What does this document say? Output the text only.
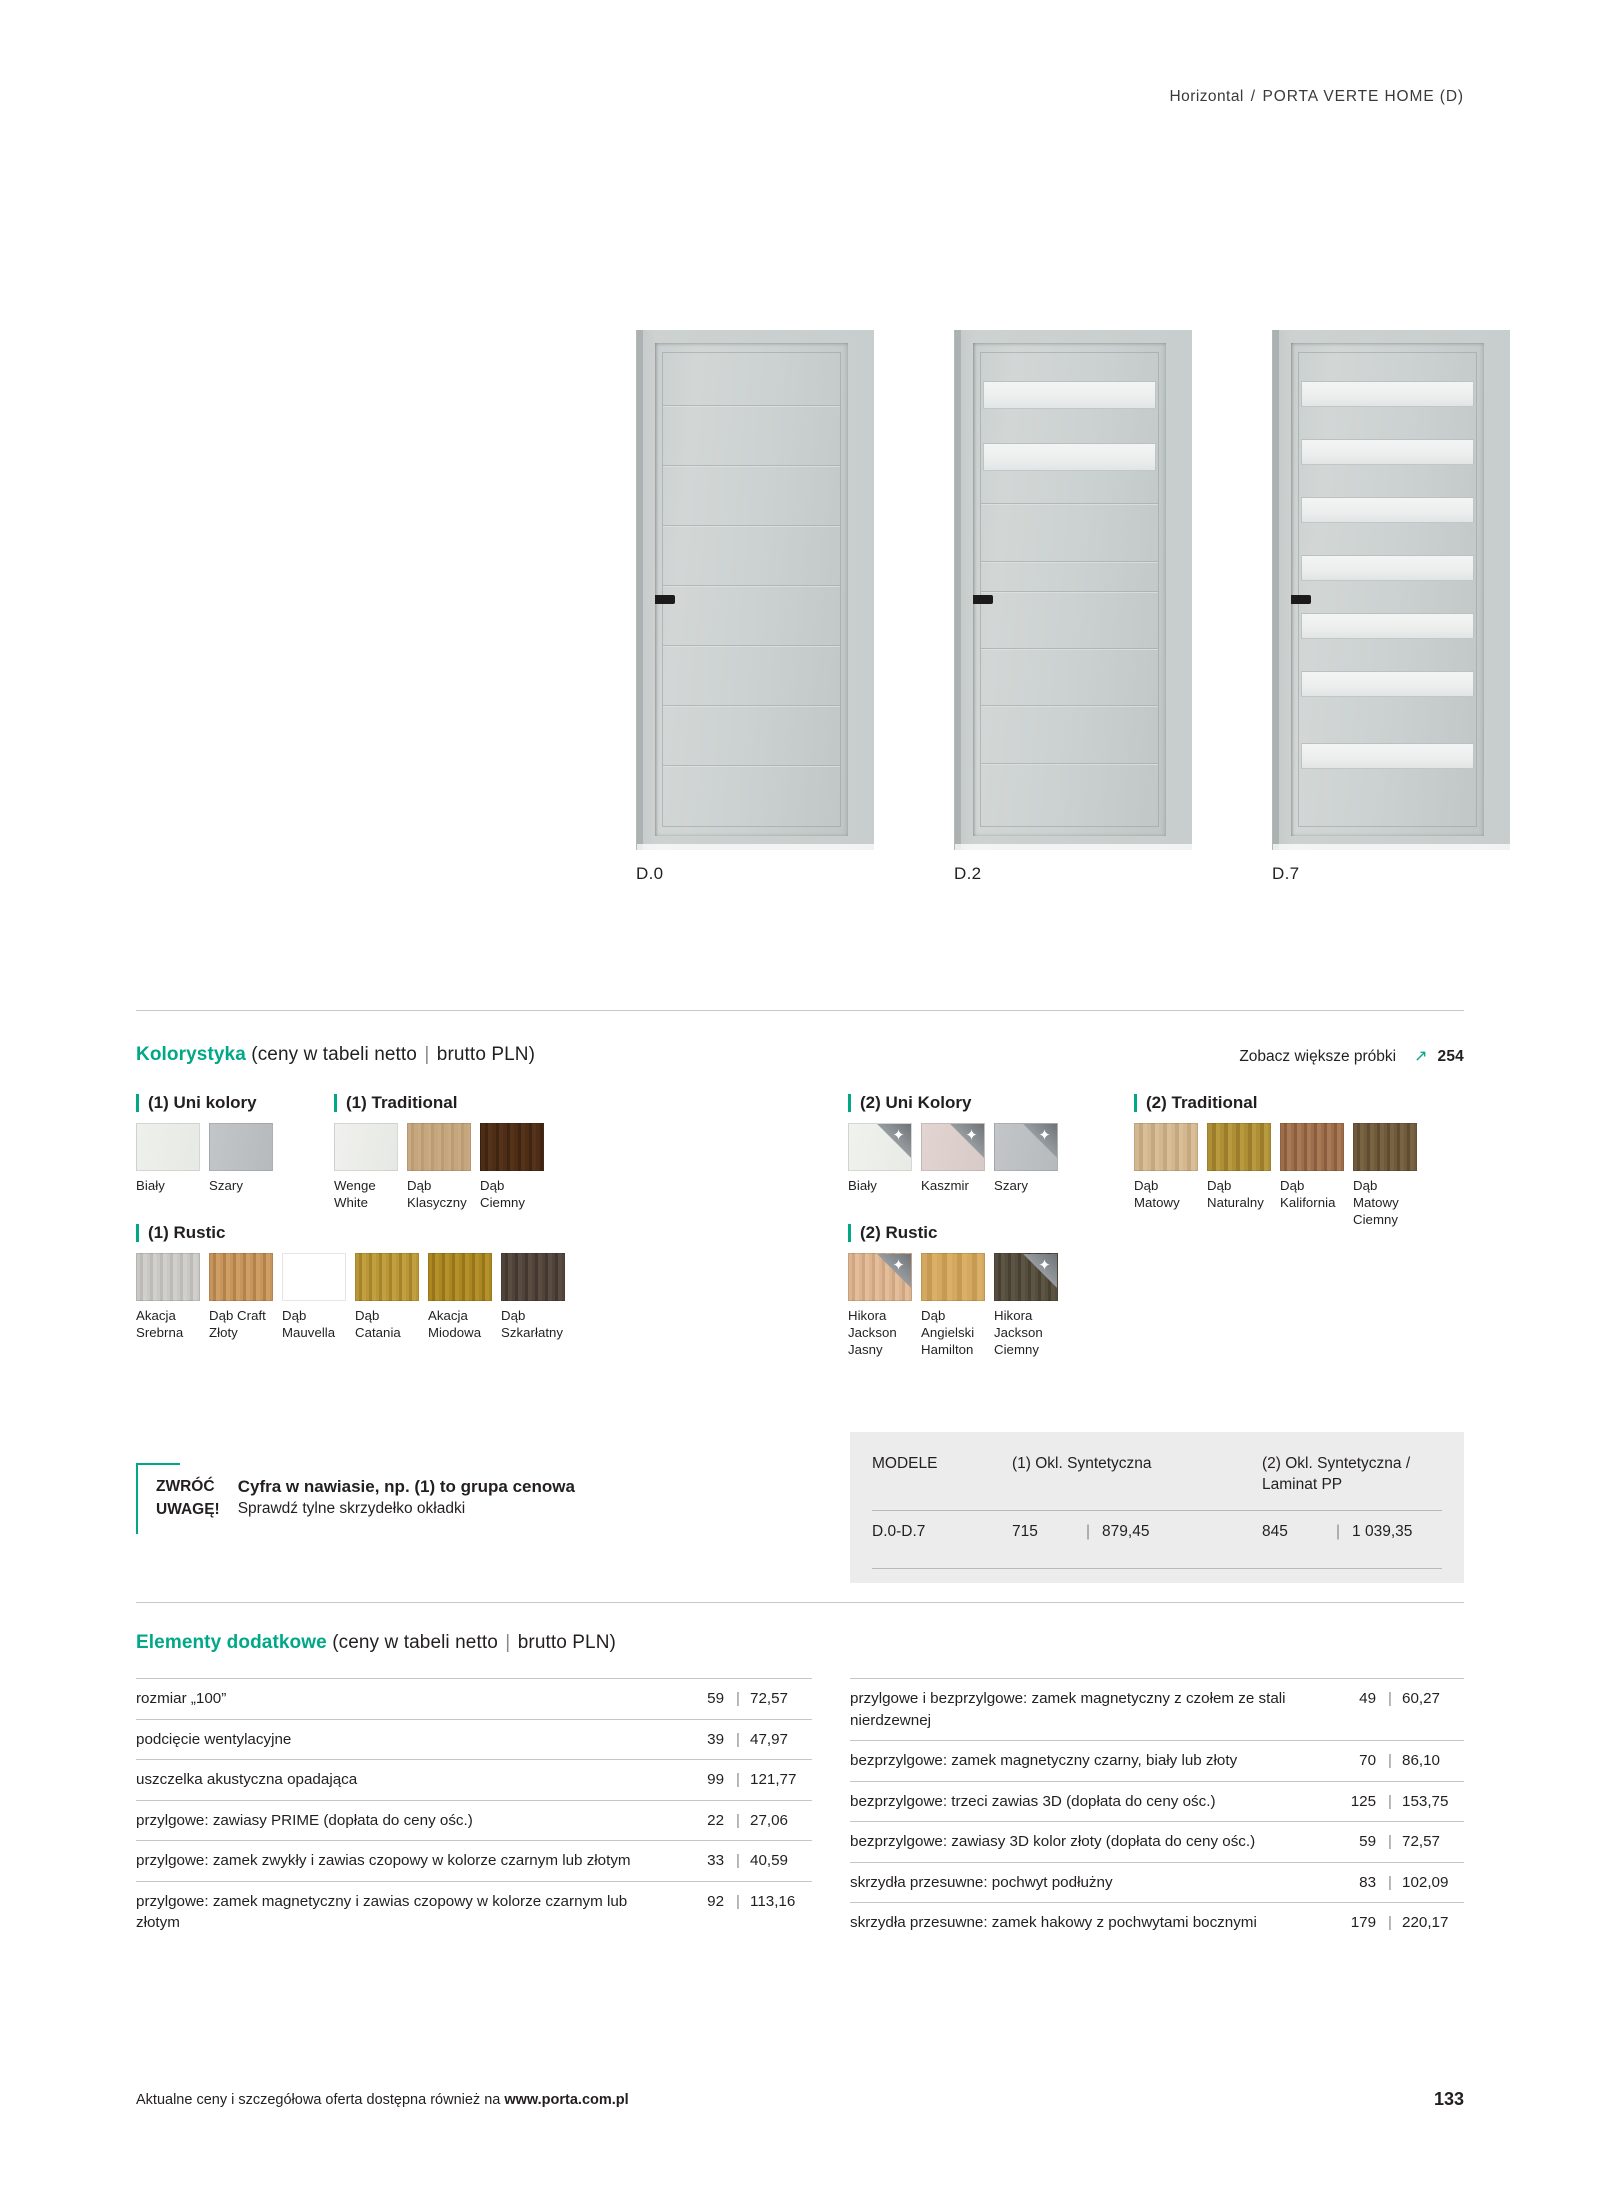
Horizontal / PORTA VERTE HOME (D)
D.0	D.2	D.7
Kolorystyka (ceny w tabeli netto | brutto PLN)	Zobacz większe próbki ↗ 254
(1) Uni kolory
Biały	Szary
(1) Traditional
Wenge White
Dąb Klasyczny
Dąb Ciemny
(1) Rustic
Akacja Srebrna
Dąb Craft Złoty
Dąb Mauvella
Dąb Catania
Akacja Miodowa
Dąb Szkarłatny
(2) Uni Kolory
✦
Biały
✦
Kaszmir
✦
Szary
(2) Traditional
Dąb Matowy
Dąb Naturalny
Dąb Kalifornia
Dąb Matowy Ciemny
(2) Rustic
✦
Hikora Jackson Jasny
Dąb Angielski Hamilton
✦
Hikora Jackson Ciemny
ZWRÓĆ
UWAGĘ!
Cyfra w nawiasie, np. (1) to grupa cenowa
Sprawdź tylne skrzydełko okładki
MODELE	(1) Okl. Syntetyczna	(2) Okl. Syntetyczna /
Laminat PP
D.0-D.7	715	| 879,45	845	| 1 039,35
Elementy dodatkowe (ceny w tabeli netto | brutto PLN)
rozmiar „100”	59 | 72,57
podcięcie wentylacyjne	39 | 47,97
uszczelka akustyczna opadająca	99 | 121,77
przylgowe: zawiasy PRIME (dopłata do ceny ośc.)	22 | 27,06
przylgowe: zamek zwykły i zawias czopowy w kolorze czarnym lub złotym	33 | 40,59
przylgowe: zamek magnetyczny i zawias czopowy w kolorze czarnym lub złotym
92 | 113,16
przylgowe i bezprzylgowe: zamek magnetyczny z czołem ze stali nierdzewnej
49 | 60,27
bezprzylgowe: zamek magnetyczny czarny, biały lub złoty	70 | 86,10
bezprzylgowe: trzeci zawias 3D (dopłata do ceny ośc.)	125 | 153,75
bezprzylgowe: zawiasy 3D kolor złoty (dopłata do ceny ośc.)	59 | 72,57
skrzydła przesuwne: pochwyt podłużny	83 | 102,09
skrzydła przesuwne: zamek hakowy z pochwytami bocznymi	179 | 220,17
Aktualne ceny i szczegółowa oferta dostępna również na www.porta.com.pl	133
